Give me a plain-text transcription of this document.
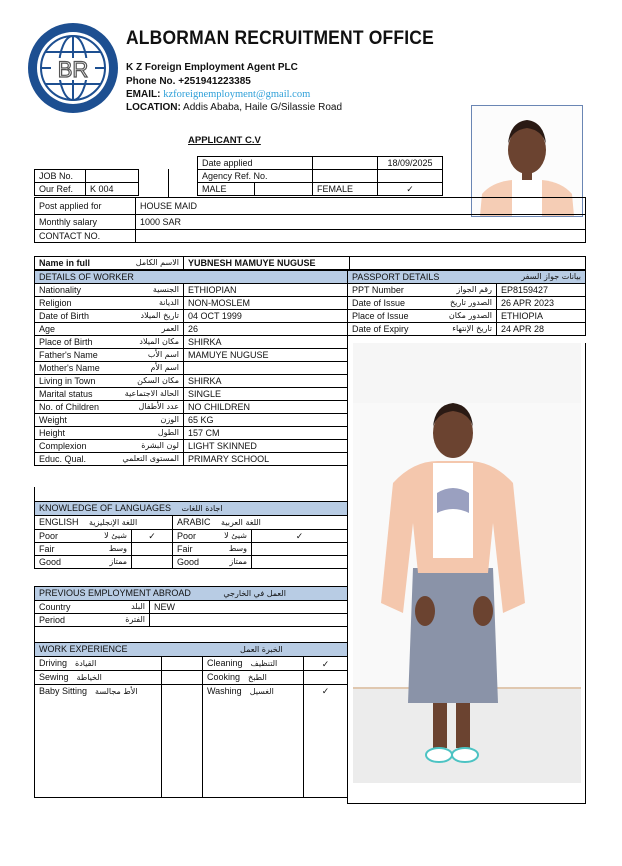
BR
ALBORMAN RECRUITMENT OFFICE
K Z Foreign Employment Agent PLC
Phone No. +251941223385
EMAIL: kzforeignemployment@gmail.com
LOCATION: Addis Ababa, Haile G/Silassie Road
APPLICANT C.V
JOB No.	
Our Ref.	K 004
Date applied			18/09/2025
Agency Ref. No.			
MALE		FEMALE	✓
Post applied for	HOUSE MAID
Monthly salary	1000 SAR
CONTACT NO.	
Name in full	الاسم الكامل	YUBNESH MAMUYE NUGUSE	
DETAILS OF WORKER	
Nationality الجنسية	ETHIOPIAN
Religion الديانة	NON-MOSLEM
Date of Birth تاريخ الميلاد	04 OCT 1999
Age العمر	26
Place of Birth مكان الميلاد	SHIRKA
Father's Name اسم الأب	MAMUYE NUGUSE
Mother's Name اسم الأم	

Living in Town مكان السكن	SHIRKA
Marital status الحالة الاجتماعية	SINGLE
No. of Children عدد الأطفال	NO CHILDREN
Weight الوزن	65 KG
Height الطول	157 CM
Complexion لون البشرة	LIGHT SKINNED
Educ. Qual. المستوى التعلمي	PRIMARY SCHOOL
PASSPORT DETAILS بيانات جواز السفر	

PPT Number رقم الجواز	EP8159427
Date of Issue الصدور تاريخ	26 APR 2023
Place of Issue الصدور مكان	ETHIOPIA
Date of Expiry تاريخ الإنتهاء	24 APR 28
KNOWLEDGE OF LANGUAGES اجادة اللغات			
ENGLISH اللغة الإنجليزية		ARABIC اللغة العربية	
Poor شيئ لا	✓	Poor شيئ لا	✓
Fair وسط		Fair وسط	

Good ممتاز		Good ممتاز	

PREVIOUS EMPLOYMENT ABROAD العمل في الخارجي	
Country البلد	NEW
Period الفترة	

WORK EXPERIENCE الخبرة العمل			
Driving القيادة		Cleaning التنظيف	✓
Sewing الخياطة		Cooking الطبخ	
Baby Sitting الأط مجالسة		Washing الغسيل	✓
